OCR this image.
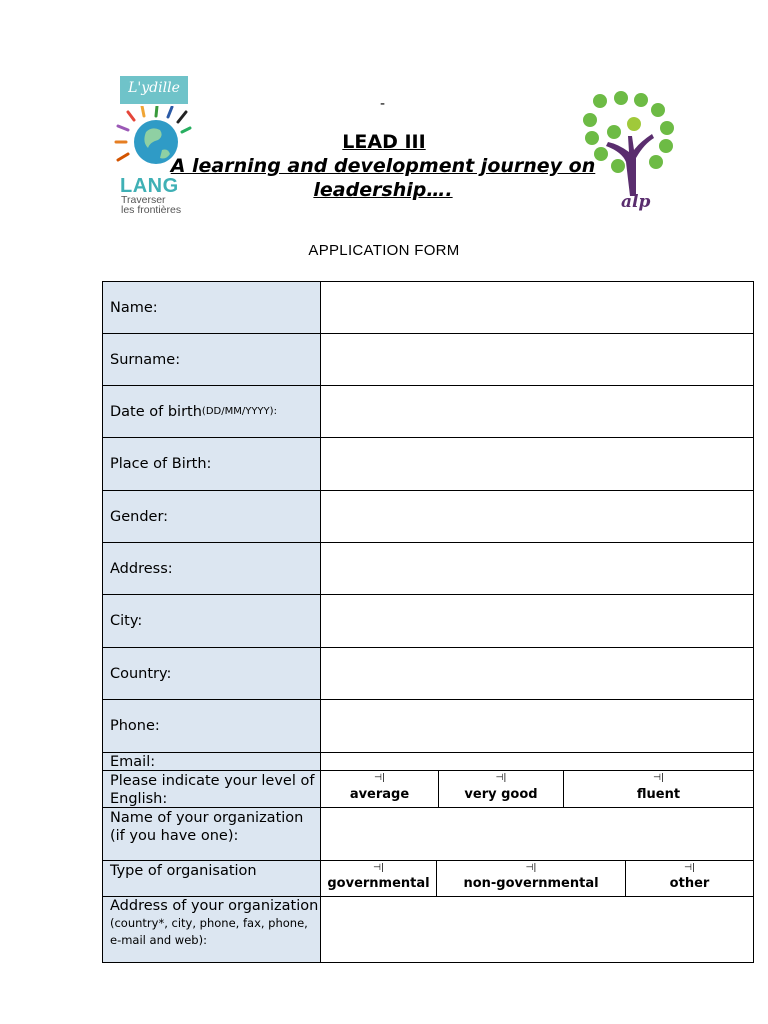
-
L'ydille
LANG
Traverser
les frontières	alp
LEAD III
A learning and development journey on leadership….
APPLICATION FORM
Name:
Surname:
Date of birth (DD/MM/YYYY) :
Place of Birth:
Gender:
Address:
City:
Country:
Phone:
Email:
Please indicate your level of English:
⊣|
average
⊣|
very good
⊣|
fluent
Name of your organization (if you have one):
Type of organisation	⊣|
governmental
⊣|
non-governmental
⊣|
other
Address of your organization (country*, city, phone, fax, phone, e-mail and web):
